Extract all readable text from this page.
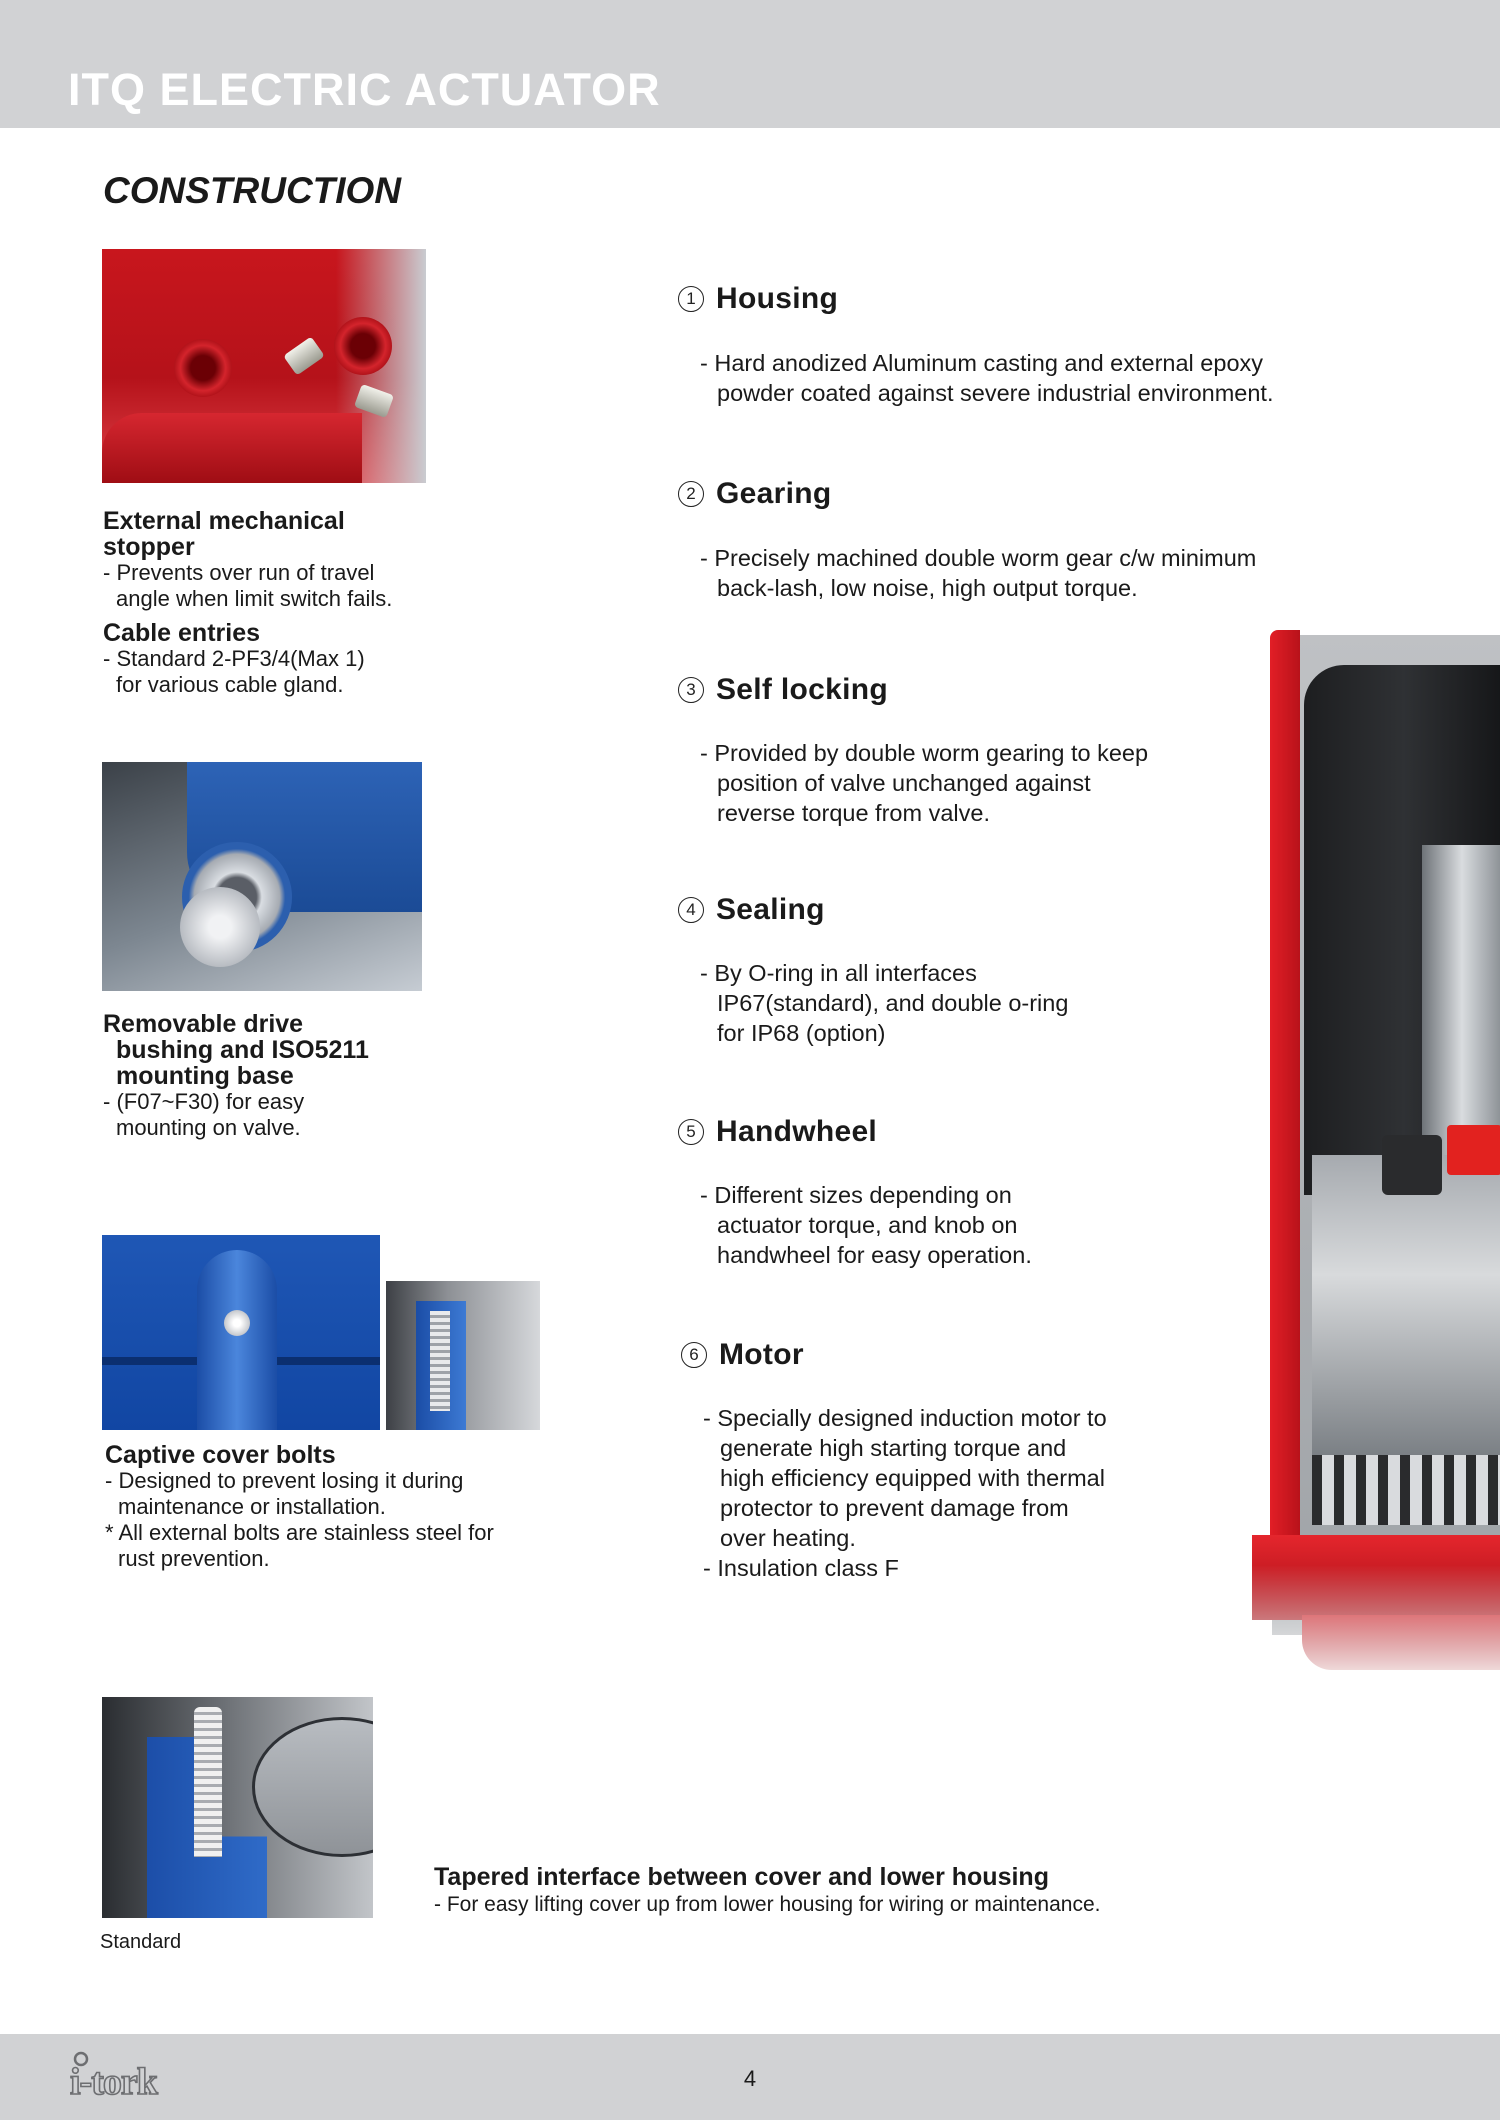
ITQ ELECTRIC ACTUATOR
CONSTRUCTION
External mechanical
stopper
- Prevents over run of travel
angle when limit switch fails.
Cable entries
- Standard 2-PF3/4(Max 1)
for various cable gland.
Removable drive
bushing and ISO5211
mounting base
- (F07~F30) for easy
mounting on valve.
Captive cover bolts
- Designed to prevent losing it during
maintenance or installation.
* All external bolts are stainless steel for
rust prevention.
Standard
1 Housing
- Hard anodized Aluminum casting and external epoxy
powder coated against severe industrial environment.
2 Gearing
- Precisely machined double worm gear c/w minimum
back-lash, low noise, high output torque.
3 Self locking
- Provided by double worm gearing to keep
position of valve unchanged against
reverse torque from valve.
4 Sealing
- By O-ring in all interfaces
IP67(standard), and double o-ring
for IP68 (option)
5 Handwheel
- Different sizes depending on
actuator torque, and knob on
handwheel for easy operation.
6 Motor
- Specially designed induction motor to
generate high starting torque and
high efficiency equipped with thermal
protector to prevent damage from
over heating.
- Insulation class F
Tapered interface between cover and lower housing
- For easy lifting cover up from lower housing for wiring or maintenance.
i-tork	4
